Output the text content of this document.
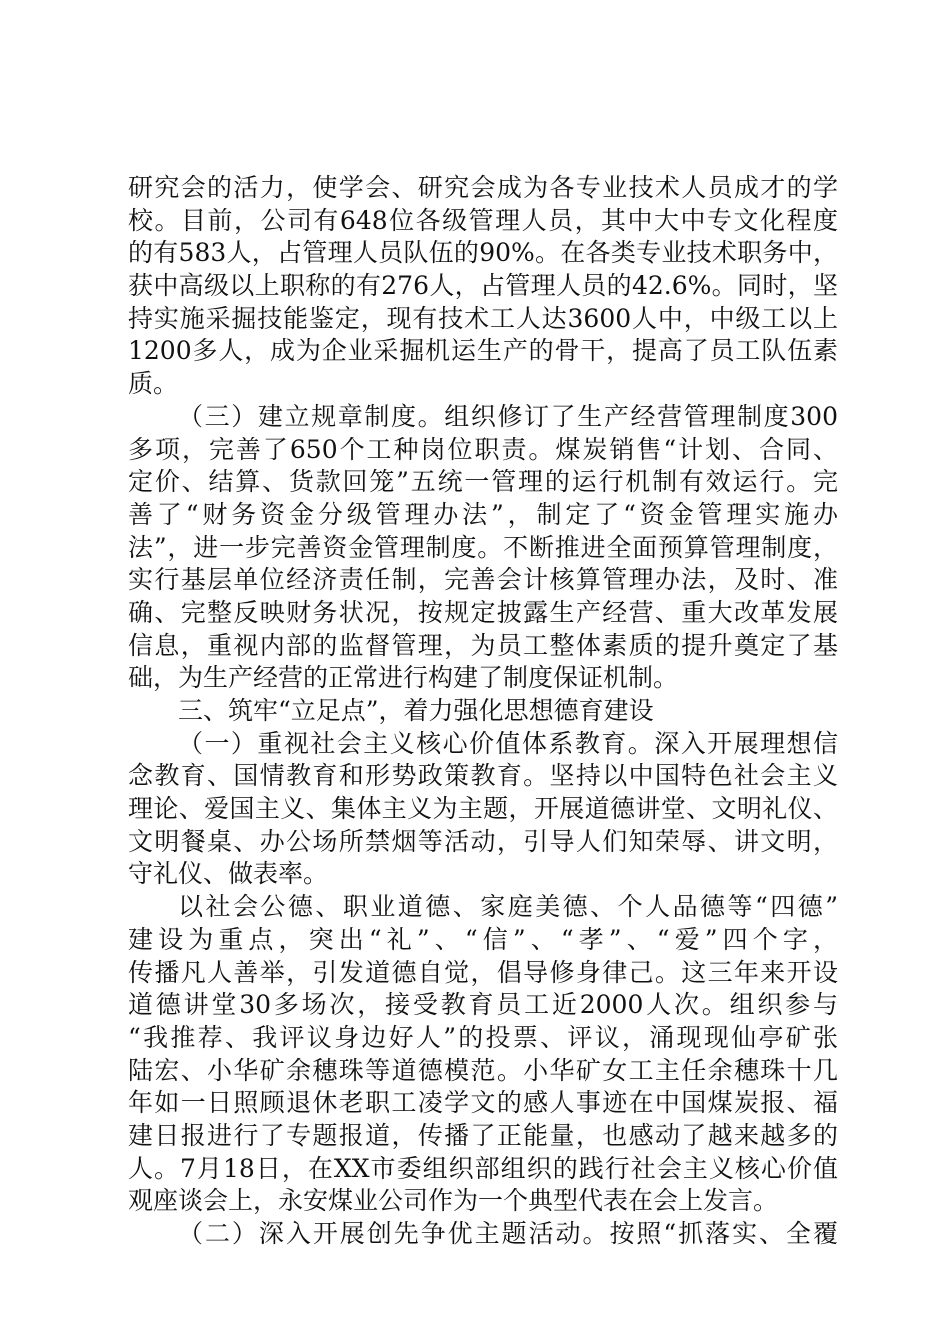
研究会的活力，使学会、研究会成为各专业技术人员成才的学
校。目前，公司有648位各级管理人员，其中大中专文化程度
的有583人，占管理人员队伍的90%。在各类专业技术职务中，
获中高级以上职称的有276人，占管理人员的42.6%。同时，坚
持实施采掘技能鉴定，现有技术工人达3600人中，中级工以上
1200多人，成为企业采掘机运生产的骨干，提高了员工队伍素
质。
（三）建立规章制度。组织修订了生产经营管理制度300
多项，完善了650个工种岗位职责。煤炭销售“计划、合同、
定价、结算、货款回笼”五统一管理的运行机制有效运行。完
善了“财务资金分级管理办法”，制定了“资金管理实施办
法”，进一步完善资金管理制度。不断推进全面预算管理制度，
实行基层单位经济责任制，完善会计核算管理办法，及时、准
确、完整反映财务状况，按规定披露生产经营、重大改革发展
信息，重视内部的监督管理，为员工整体素质的提升奠定了基
础，为生产经营的正常进行构建了制度保证机制。
三、筑牢“立足点”，着力强化思想德育建设
（一）重视社会主义核心价值体系教育。深入开展理想信
念教育、国情教育和形势政策教育。坚持以中国特色社会主义
理论、爱国主义、集体主义为主题，开展道德讲堂、文明礼仪、
文明餐桌、办公场所禁烟等活动，引导人们知荣辱、讲文明，
守礼仪、做表率。
以社会公德、职业道德、家庭美德、个人品德等“四德”
建设为重点，突出“礼”、“信”、“孝”、“爱”四个字，
传播凡人善举，引发道德自觉，倡导修身律己。这三年来开设
道德讲堂30多场次，接受教育员工近2000人次。组织参与
“我推荐、我评议身边好人”的投票、评议，涌现现仙亭矿张
陆宏、小华矿余穗珠等道德模范。小华矿女工主任余穗珠十几
年如一日照顾退休老职工凌学文的感人事迹在中国煤炭报、福
建日报进行了专题报道，传播了正能量，也感动了越来越多的
人。7月18日，在XX市委组织部组织的践行社会主义核心价值
观座谈会上，永安煤业公司作为一个典型代表在会上发言。
（二）深入开展创先争优主题活动。按照“抓落实、全覆
